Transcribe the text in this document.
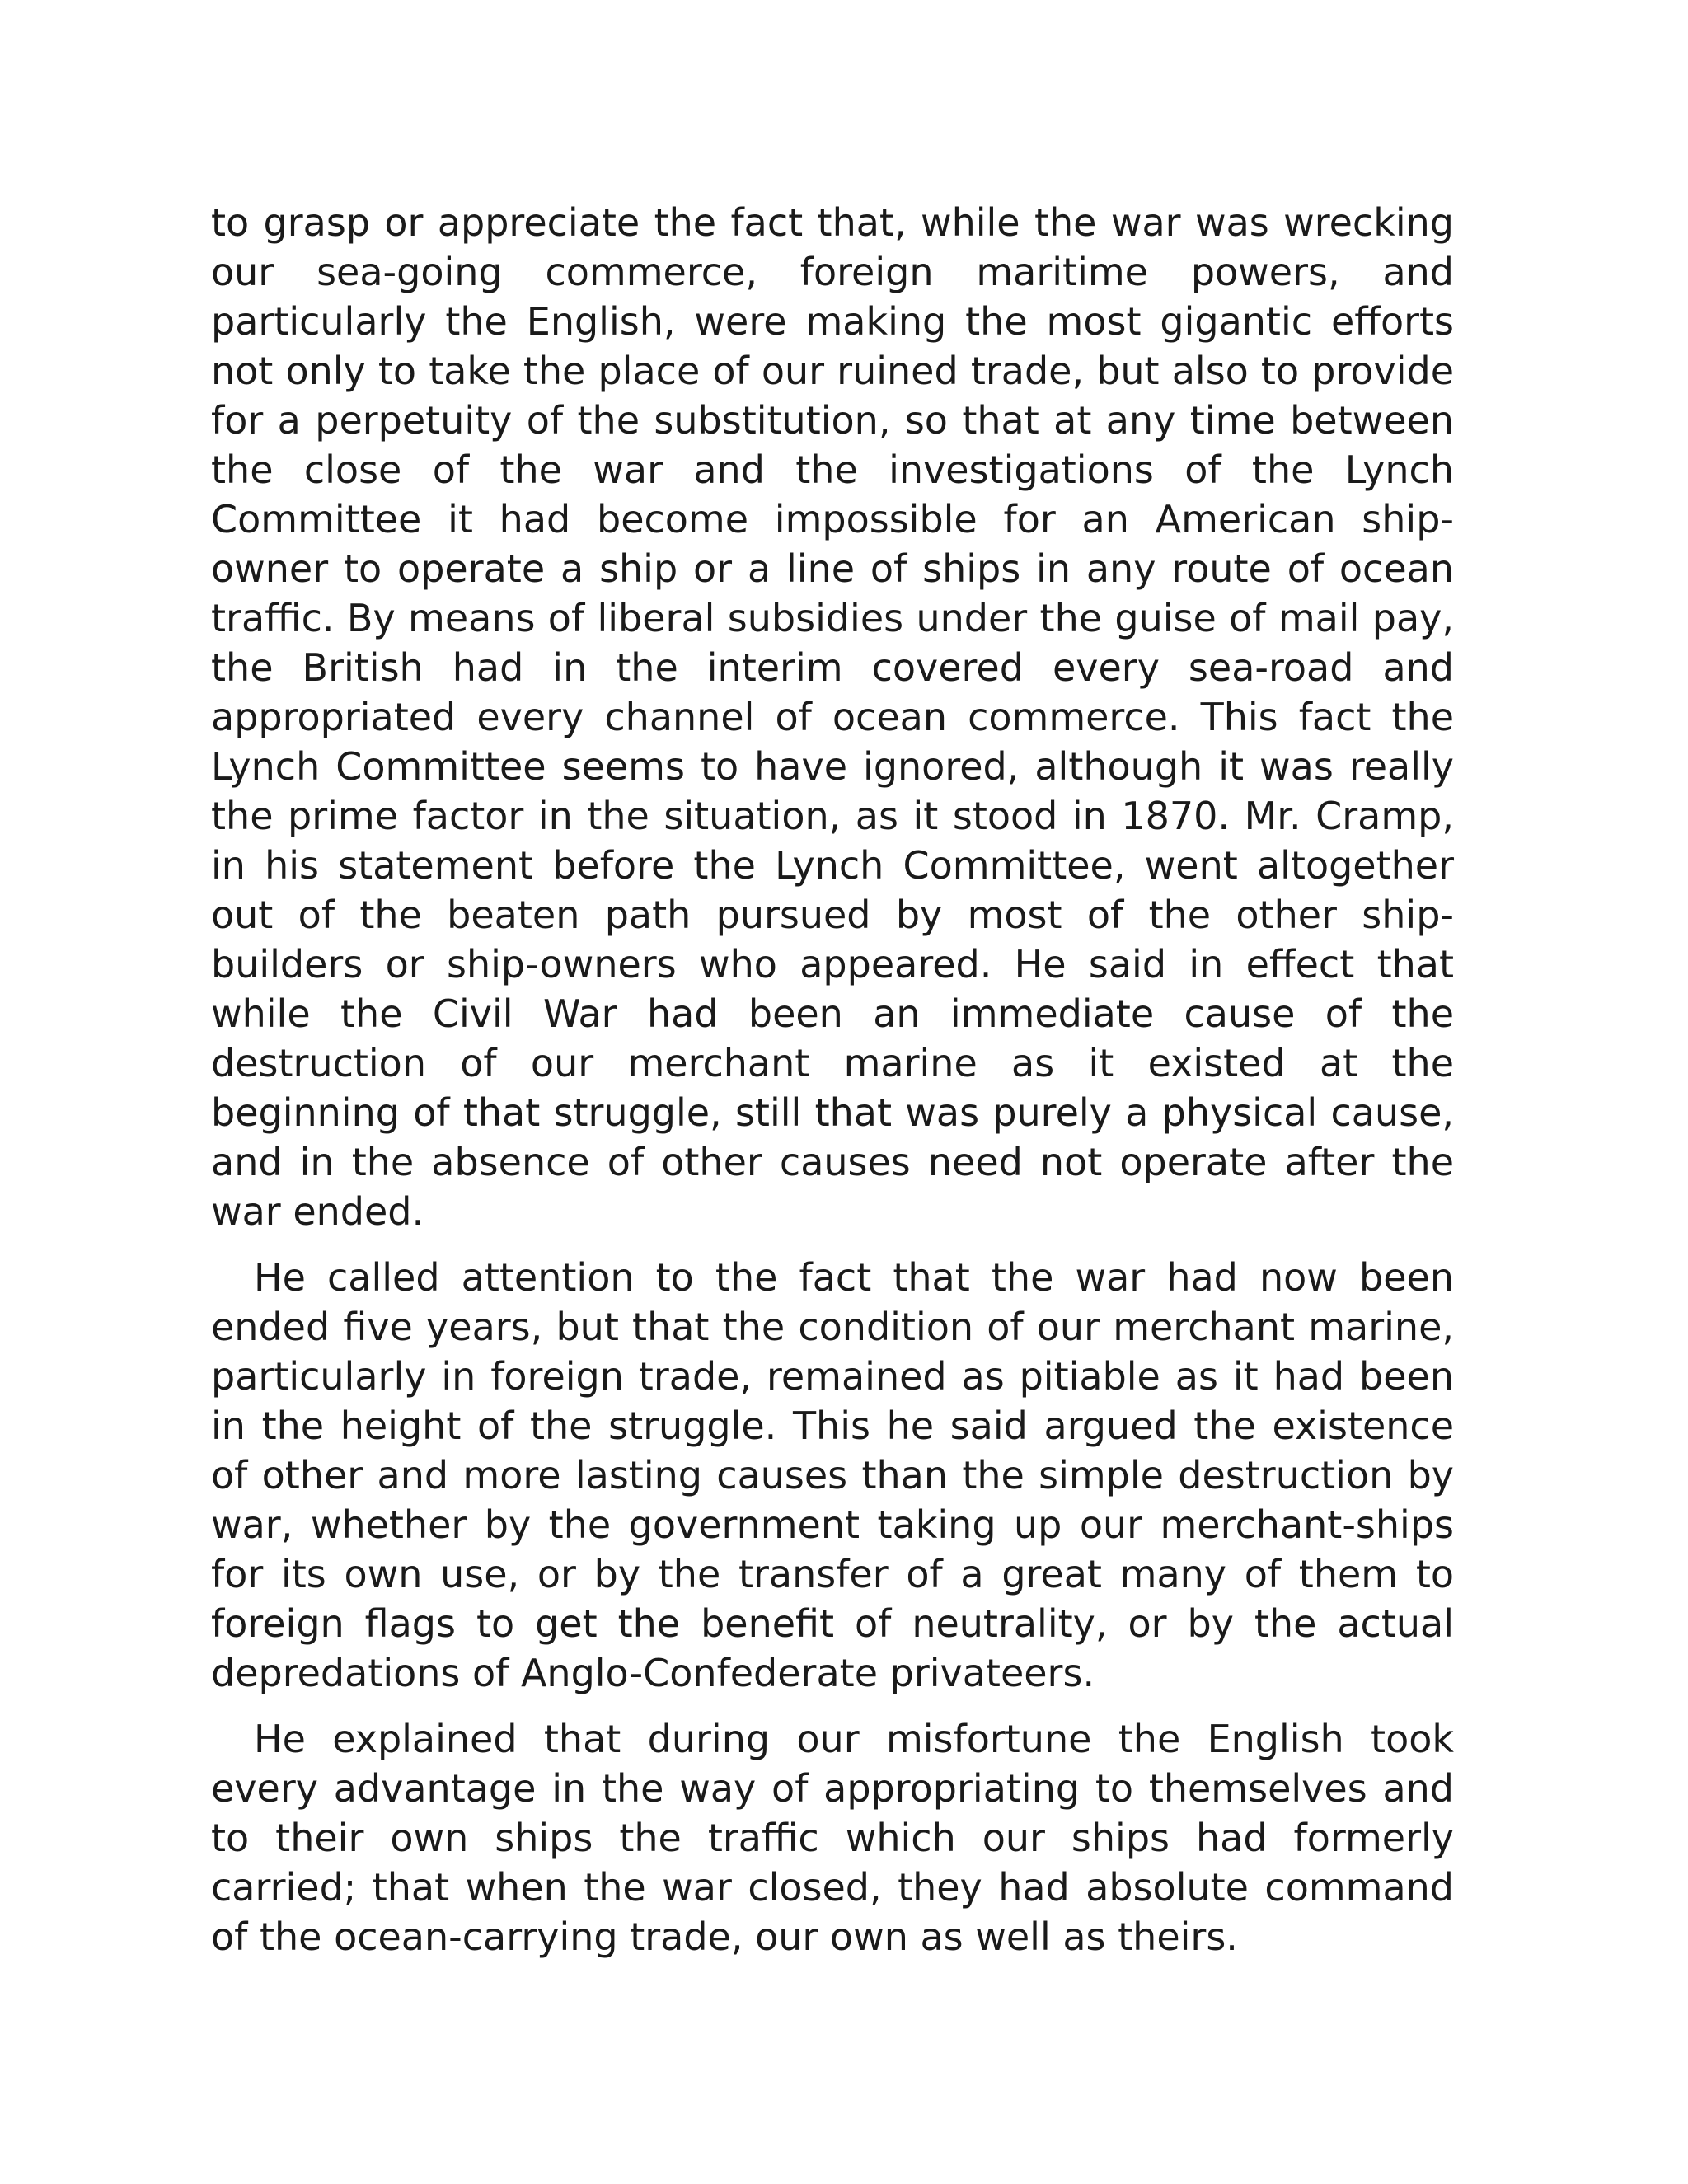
to grasp or appreciate the fact that, while the war was wrecking our sea-going commerce, foreign maritime powers, and particularly the English, were making the most gigantic efforts not only to take the place of our ruined trade, but also to provide for a perpetuity of the substitution, so that at any time between the close of the war and the investigations of the Lynch Committee it had become impossible for an American ship-owner to operate a ship or a line of ships in any route of ocean traffic. By means of liberal subsidies under the guise of mail pay, the British had in the interim covered every sea-road and appropriated every channel of ocean commerce. This fact the Lynch Committee seems to have ignored, although it was really the prime factor in the situation, as it stood in 1870. Mr. Cramp, in his statement before the Lynch Committee, went altogether out of the beaten path pursued by most of the other ship-builders or ship-owners who appeared. He said in effect that while the Civil War had been an immediate cause of the destruction of our merchant marine as it existed at the beginning of that struggle, still that was purely a physical cause, and in the absence of other causes need not operate after the war ended.

He called attention to the fact that the war had now been ended five years, but that the condition of our merchant marine, particularly in foreign trade, remained as pitiable as it had been in the height of the struggle. This he said argued the existence of other and more lasting causes than the simple destruction by war, whether by the government taking up our merchant-ships for its own use, or by the transfer of a great many of them to foreign flags to get the benefit of neutrality, or by the actual depredations of Anglo-Confederate privateers.

He explained that during our misfortune the English took every advantage in the way of appropriating to themselves and to their own ships the traffic which our ships had formerly carried; that when the war closed, they had absolute command of the ocean-carrying trade, our own as well as theirs.
